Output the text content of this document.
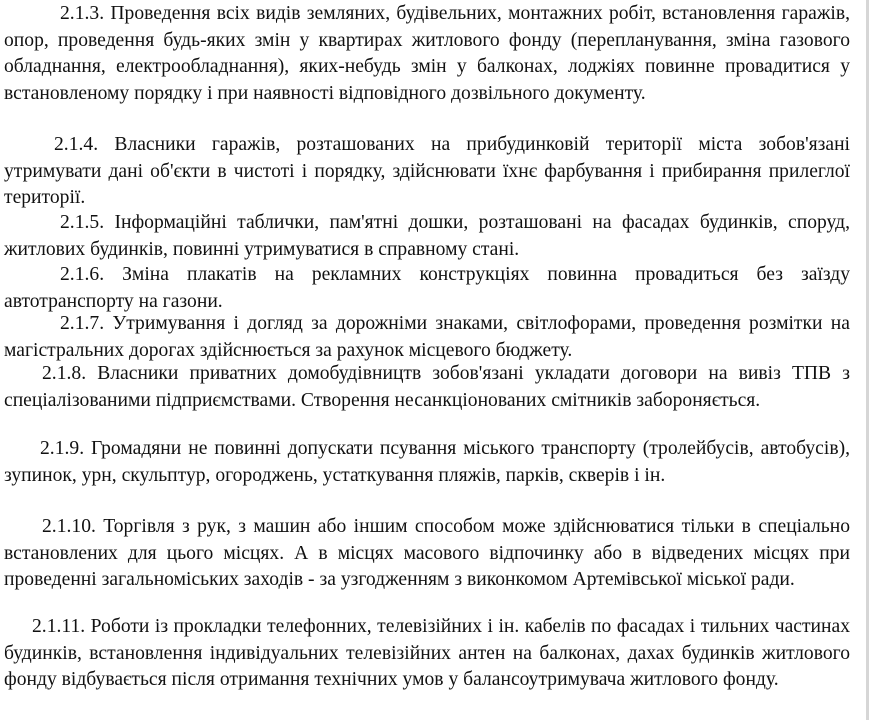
2.1.3. Проведення всіх видів земляних, будівельних, монтажних робіт, встановлення гаражів, опор, проведення будь-яких змін у квартирах житлового фонду (перепланування, зміна газового обладнання, електрообладнання), яких-небудь змін у балконах, лоджіях повинне провадитися у встановленому порядку і при наявності відповідного дозвільного документу.

2.1.4. Власники гаражів, розташованих на прибудинковій території міста зобов'язані утримувати дані об'єкти в чистоті і порядку, здійснювати їхнє фарбування і прибирання прилеглої території.

2.1.5. Інформаційні таблички, пам'ятні дошки, розташовані на фасадах будинків, споруд, житлових будинків, повинні утримуватися в справному стані.

2.1.6. Зміна плакатів на рекламних конструкціях повинна провадиться без заїзду автотранспорту на газони.

2.1.7. Утримування і догляд за дорожніми знаками, світлофорами, проведення розмітки на магістральних дорогах здійснюється за рахунок місцевого бюджету.

2.1.8. Власники приватних домобудівництв зобов'язані укладати договори на вивіз ТПВ з спеціалізованими підприємствами. Створення несанкціонованих смітників забороняється.

2.1.9. Громадяни не повинні допускати псування міського транспорту (тролейбусів, автобусів), зупинок, урн, скульптур, огороджень, устаткування пляжів, парків, скверів і ін.

2.1.10. Торгівля з рук, з машин або іншим способом може здійснюватися тільки в спеціально встановлених для цього місцях. А в місцях масового відпочинку або в відведених місцях при проведенні загальноміських заходів - за узгодженням з виконкомом Артемівської міської ради.

2.1.11. Роботи із прокладки телефонних, телевізійних і ін. кабелів по фасадах і тильних частинах будинків, встановлення індивідуальних телевізійних антен на балконах, дахах будинків житлового фонду відбувається після отримання технічних умов у балансоутримувача житлового фонду.
